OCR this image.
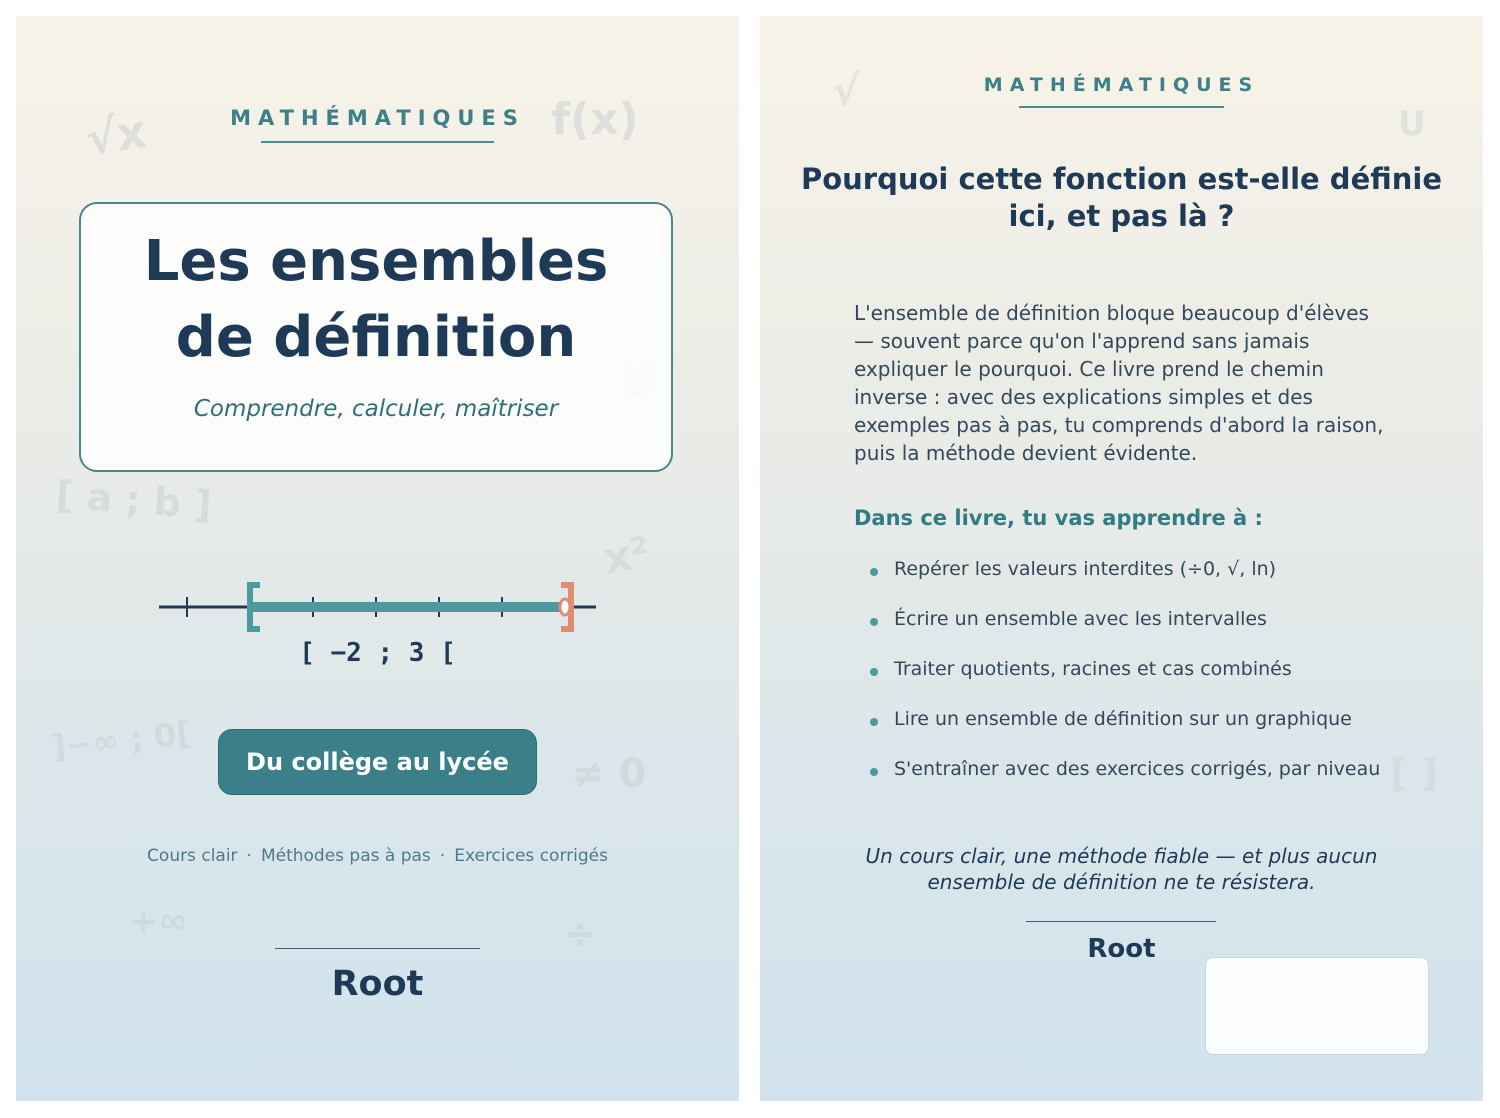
√x	f(x)
[ a ; b ]
x²
]−∞ ; 0[
≠ 0
+∞	÷
MATHÉMATIQUES
Les ensembles
de définition
Comprendre, calculer, maîtriser
[ −2 ; 3 [
Du collège au lycée
Cours clair · Méthodes pas à pas · Exercices corrigés
Root
√
U
[ ]
MATHÉMATIQUES
Pourquoi cette fonction est-elle définie ici, et pas là ?

L'ensemble de définition bloque beaucoup d'élèves — souvent parce qu'on l'apprend sans jamais expliquer le pourquoi. Ce livre prend le chemin inverse : avec des explications simples et des exemples pas à pas, tu comprends d'abord la raison, puis la méthode devient évidente.

Dans ce livre, tu vas apprendre à :
Repérer les valeurs interdites (÷0, √, ln)
Écrire un ensemble avec les intervalles
Traiter quotients, racines et cas combinés
Lire un ensemble de définition sur un graphique
S'entraîner avec des exercices corrigés, par niveau

Un cours clair, une méthode fiable — et plus aucun ensemble de définition ne te résistera.

Root
